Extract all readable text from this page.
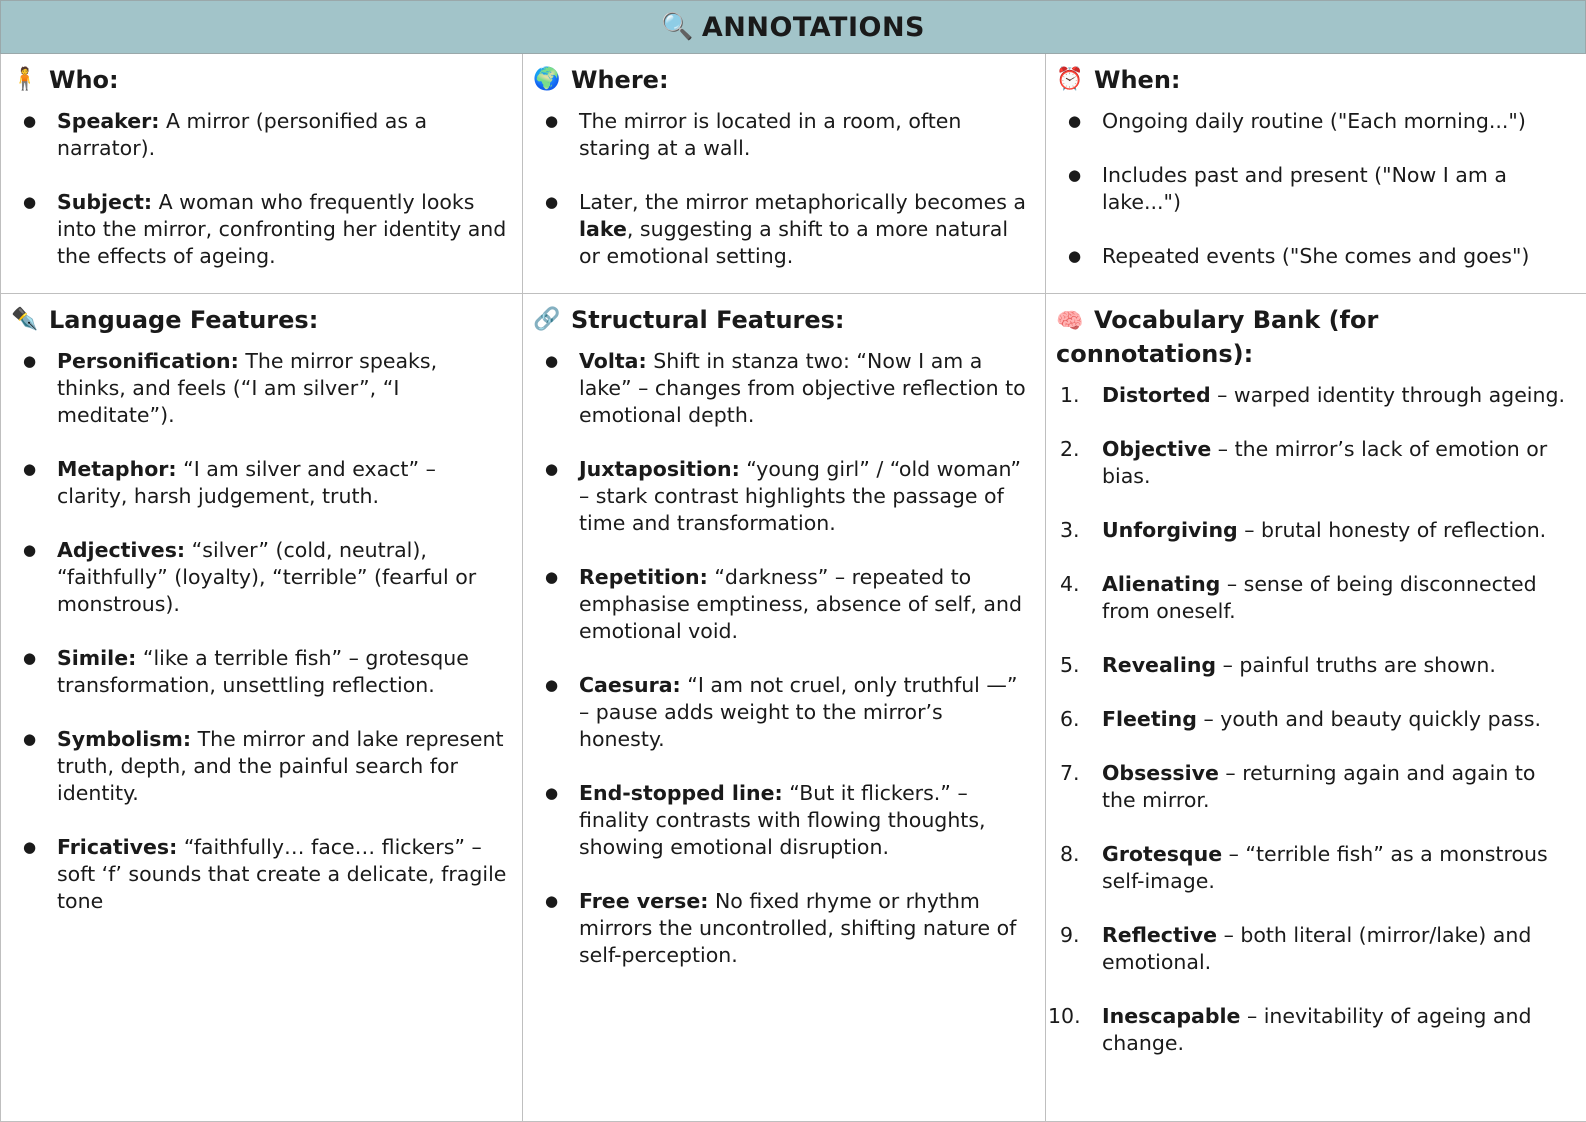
🔍 ANNOTATIONS
🧍 Who:
● Speaker: A mirror (personified as a narrator).
● Subject: A woman who frequently looks into the mirror, confronting her identity and the effects of ageing.
🌍 Where:
● The mirror is located in a room, often staring at a wall.
● Later, the mirror metaphorically becomes a lake, suggesting a shift to a more natural or emotional setting.
⏰ When:
● Ongoing daily routine ("Each morning...")
● Includes past and present ("Now I am a lake...")
● Repeated events ("She comes and goes")
✒️ Language Features:
● Personification: The mirror speaks, thinks, and feels (“I am silver”, “I meditate”).
● Metaphor: “I am silver and exact” – clarity, harsh judgement, truth.
● Adjectives: “silver” (cold, neutral), “faithfully” (loyalty), “terrible” (fearful or monstrous).
● Simile: “like a terrible fish” – grotesque transformation, unsettling reflection.
● Symbolism: The mirror and lake represent truth, depth, and the painful search for identity.
● Fricatives: “faithfully… face… flickers” – soft ‘f’ sounds that create a delicate, fragile tone
🔗 Structural Features:
● Volta: Shift in stanza two: “Now I am a lake” – changes from objective reflection to emotional depth.
● Juxtaposition: “young girl” / “old woman” – stark contrast highlights the passage of time and transformation.
● Repetition: “darkness” – repeated to emphasise emptiness, absence of self, and emotional void.
● Caesura: “I am not cruel, only truthful —” – pause adds weight to the mirror’s honesty.
● End-stopped line: “But it flickers.” – finality contrasts with flowing thoughts, showing emotional disruption.
● Free verse: No fixed rhyme or rhythm mirrors the uncontrolled, shifting nature of self-perception.
🧠 Vocabulary Bank (for connotations):
1.	Distorted – warped identity through ageing.
2.	Objective – the mirror’s lack of emotion or bias.
3.	Unforgiving – brutal honesty of reflection.
4.	Alienating – sense of being disconnected from oneself.
5.	Revealing – painful truths are shown.
6.	Fleeting – youth and beauty quickly pass.
7.	Obsessive – returning again and again to the mirror.
8.	Grotesque – “terrible fish” as a monstrous self-image.
9.	Reflective – both literal (mirror/lake) and emotional.
10. Inescapable – inevitability of ageing and change.
